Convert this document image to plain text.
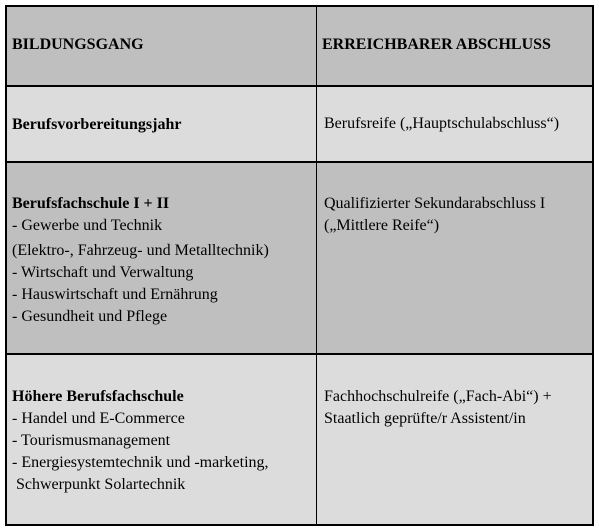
BILDUNGSGANG	ERREICHBARER ABSCHLUSS
Berufsvorbereitungsjahr	Berufsreife („Hauptschulabschluss“)
Berufsfachschule I + II
- Gewerbe und Technik
(Elektro-, Fahrzeug- und Metalltechnik)
- Wirtschaft und Verwaltung
- Hauswirtschaft und Ernährung
- Gesundheit und Pflege
Qualifizierter Sekundarabschluss I
(„Mittlere Reife“)
Höhere Berufsfachschule
- Handel und E-Commerce
- Tourismusmanagement
- Energiesystemtechnik und -marketing,
Schwerpunkt Solartechnik
Fachhochschulreife („Fach-Abi“) +
Staatlich geprüfte/r Assistent/in
